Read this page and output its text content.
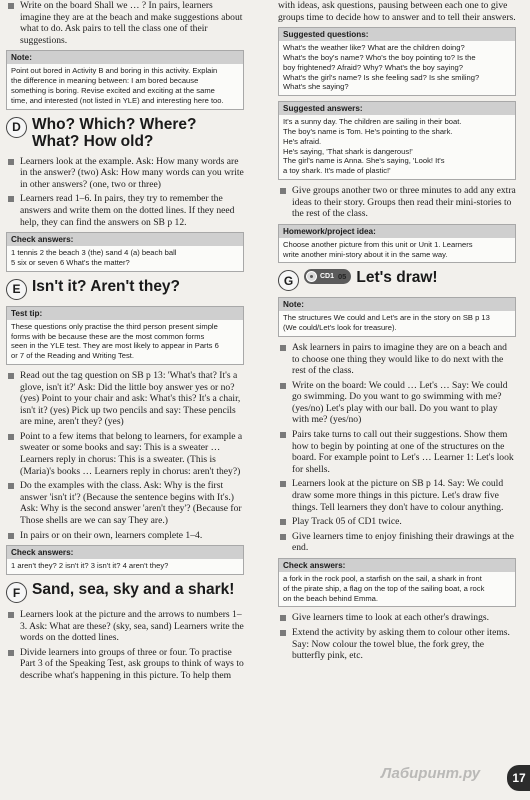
Write on the board Shall we … ? In pairs, learners imagine they are at the beach and make suggestions about what to do. Ask pairs to tell the class one of their suggestions.
Note:
Point out bored in Activity B and boring in this activity. Explain
the difference in meaning between: I am bored because
something is boring. Revise excited and exciting at the same
time, and interested (not listed in YLE) and interesting here too.
D Who? Which? Where?
What? How old?
Learners look at the example. Ask: How many words are in the answer? (two) Ask: How many words can you write in other answers? (one, two or three)
Learners read 1–6. In pairs, they try to remember the answers and write them on the dotted lines. If they need help, they can find the answers on SB p 12.
Check answers:
1 tennis 2 the beach 3 (the) sand 4 (a) beach ball
5 six or seven 6 What's the matter?
E Isn't it? Aren't they?
Test tip:
These questions only practise the third person present simple
forms with be because these are the most common forms
seen in the YLE test. They are most likely to appear in Parts 6
or 7 of the Reading and Writing Test.
Read out the tag question on SB p 13: 'What's that? It's a glove, isn't it?' Ask: Did the little boy answer yes or no? (yes) Point to your chair and ask: What's this? It's a chair, isn't it? (yes) Pick up two pencils and say: These pencils are mine, aren't they? (yes)
Point to a few items that belong to learners, for example a sweater or some books and say: This is a sweater … Learners reply in chorus: This is a sweater. (This is (Maria)'s books … Learners reply in chorus: aren't they?)
Do the examples with the class. Ask: Why is the first answer 'isn't it'? (Because the sentence begins with It's.) Ask: Why is the second answer 'aren't they'? (Because for Those shells are we can say They are.)
In pairs or on their own, learners complete 1–4.
Check answers:
1 aren't they? 2 isn't it? 3 isn't it? 4 aren't they?
F Sand, sea, sky and a shark!
Learners look at the picture and the arrows to numbers 1–3. Ask: What are these? (sky, sea, sand) Learners write the words on the dotted lines.
Divide learners into groups of three or four. To practise Part 3 of the Speaking Test, ask groups to think of ways to describe what's happening in this picture. To help them

with ideas, ask questions, pausing between each one to give groups time to decide how to answer and to tell their answers.

Suggested questions:
What's the weather like? What are the children doing?
What's the boy's name? Who's the boy pointing to? Is the
boy frightened? Afraid? Why? What's the boy saying?
What's the girl's name? Is she feeling sad? Is she smiling?
What's she saying?
Suggested answers:
It's a sunny day. The children are sailing in their boat.
The boy's name is Tom. He's pointing to the shark.
He's afraid.
He's saying, 'That shark is dangerous!'
The girl's name is Anna. She's saying, 'Look! It's
a toy shark. It's made of plastic!'
Give groups another two or three minutes to add any extra ideas to their story. Groups then read their mini-stories to the rest of the class.
Homework/project idea:
Choose another picture from this unit or Unit 1. Learners
write another mini-story about it in the same way.
G	CD1 05 Let's draw!
Note:
The structures We could and Let's are in the story on SB p 13
(We could/Let's look for treasure).
Ask learners in pairs to imagine they are on a beach and to choose one thing they would like to do next with the rest of the class.
Write on the board: We could … Let's … Say: We could go swimming. Do you want to go swimming with me? (yes/no) Let's play with our ball. Do you want to play with me? (yes/no)
Pairs take turns to call out their suggestions. Show them how to begin by pointing at one of the structures on the board. For example point to Let's … Learner 1: Let's look for shells.
Learners look at the picture on SB p 14. Say: We could draw some more things in this picture. Let's draw five things. Tell learners they don't have to colour anything.
Play Track 05 of CD1 twice.
Give learners time to enjoy finishing their drawings at the end.
Check answers:
a fork in the rock pool, a starfish on the sail, a shark in front
of the pirate ship, a flag on the top of the sailing boat, a rock
on the beach behind Emma.
Give learners time to look at each other's drawings.
Extend the activity by asking them to colour other items. Say: Now colour the towel blue, the fork grey, the butterfly pink, etc.
Лабиринт.ру	17
